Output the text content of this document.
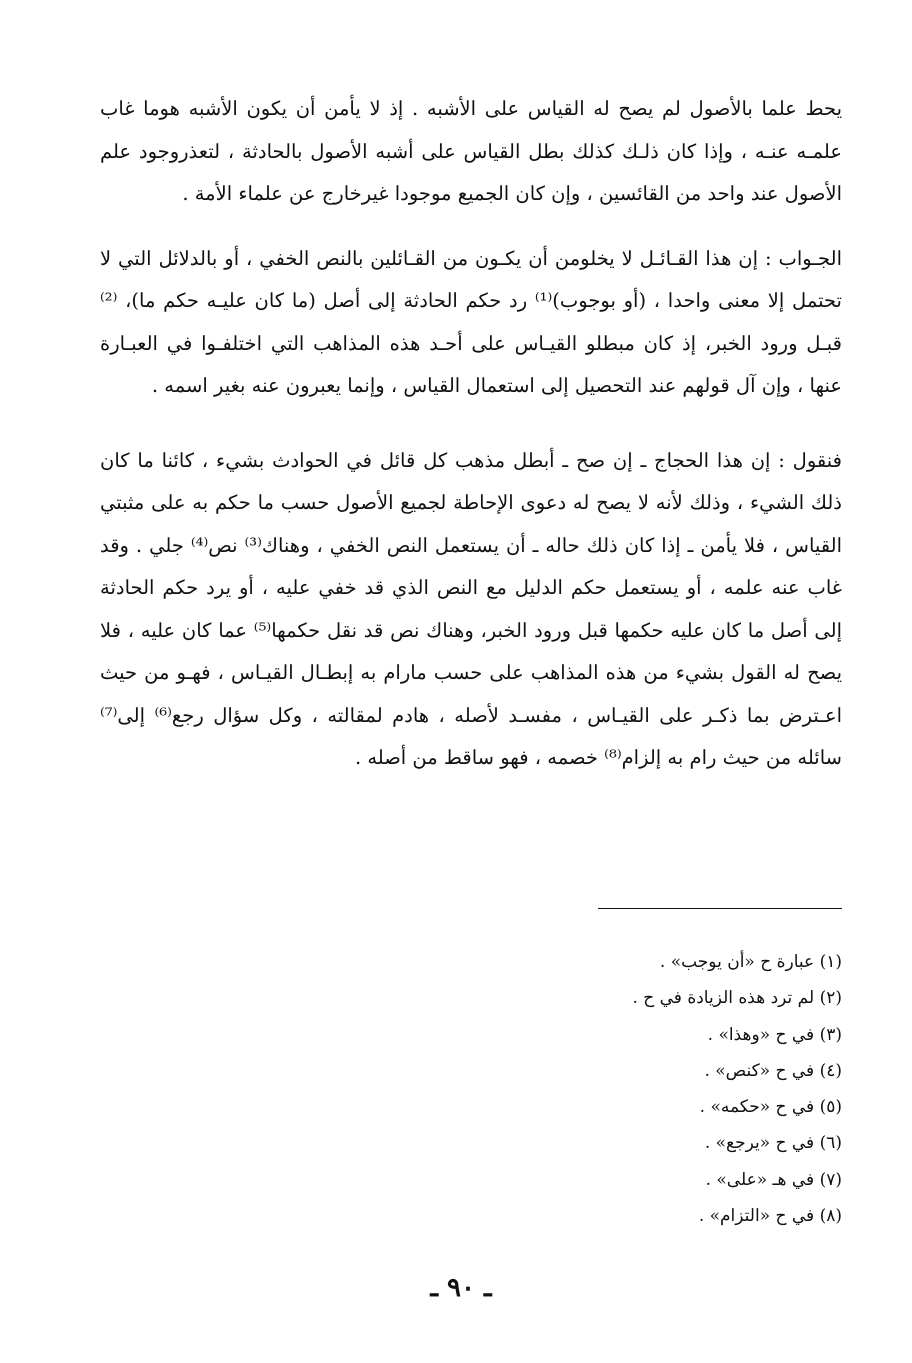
يحط علما بالأصول لم يصح له القياس على الأشبه . إذ لا يأمن أن يكون الأشبه هوما غاب علمـه عنـه ، وإذا كان ذلـك كذلك بطل القياس على أشبه الأصول بالحادثة ، لتعذروجود علم الأصول عند واحد من القائسين ، وإن كان الجميع موجودا غيرخارج عن علماء الأمة .

الجـواب : إن هذا القـائـل لا يخلومن أن يكـون من القـائلين بالنص الخفي ، أو بالدلائل التي لا تحتمل إلا معنى واحدا ، (أو بوجوب)⁽¹⁾ رد حكم الحادثة إلى أصل (ما كان عليـه حكم ما)، ⁽²⁾ قبـل ورود الخبر، إذ كان مبطلو القيـاس على أحـد هذه المذاهب التي اختلفـوا في العبـارة عنها ، وإن آل قولهم عند التحصيل إلى استعمال القياس ، وإنما يعبرون عنه بغير اسمه .

فنقول : إن هذا الحجاج ـ إن صح ـ أبطل مذهب كل قائل في الحوادث بشيء ، كائنا ما كان ذلك الشيء ، وذلك لأنه لا يصح له دعوى الإحاطة لجميع الأصول حسب ما حكم به على مثبتي القياس ، فلا يأمن ـ إذا كان ذلك حاله ـ أن يستعمل النص الخفي ، وهناك⁽³⁾ نص⁽⁴⁾ جلي . وقد غاب عنه علمه ، أو يستعمل حكم الدليل مع النص الذي قد خفي عليه ، أو يرد حكم الحادثة إلى أصل ما كان عليه حكمها قبل ورود الخبر، وهناك نص قد نقل حكمها⁽⁵⁾ عما كان عليه ، فلا يصح له القول بشيء من هذه المذاهب على حسب مارام به إبطـال القيـاس ، فهـو من حيث اعـترض بما ذكـر على القيـاس ، مفسـد لأصله ، هادم لمقالته ، وكل سؤال رجع⁽⁶⁾ إلى⁽⁷⁾ سائله من حيث رام به إلزام⁽⁸⁾ خصمه ، فهو ساقط من أصله .

(١) عبارة ح «أن يوجب» .
(٢) لم ترد هذه الزيادة في ح .
(٣) في ح «وهذا» .
(٤) في ح «كنص» .
(٥) في ح «حكمه» .
(٦) في ح «يرجع» .
(٧) في هـ «على» .
(٨) في ح «التزام» .
ـ ٩٠ ـ
